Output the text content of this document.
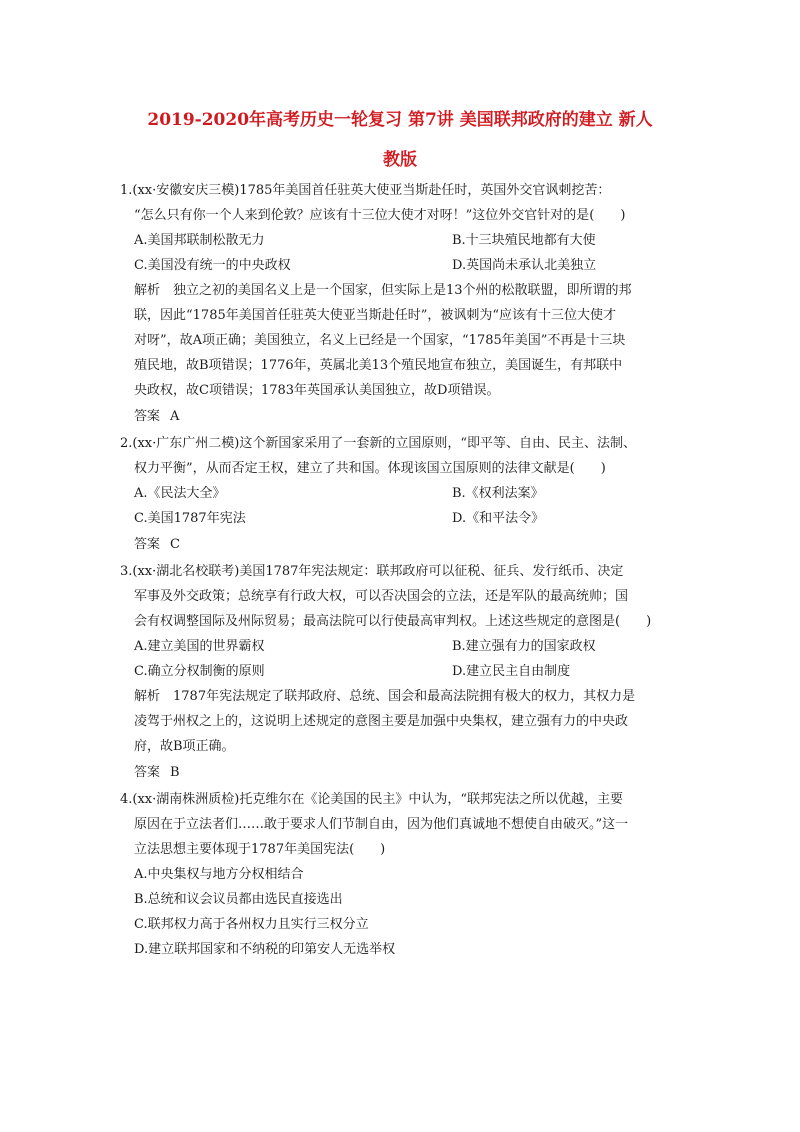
2019-2020年高考历史一轮复习 第7讲 美国联邦政府的建立 新人
教版
1.(xx·安徽安庆三模)1785年美国首任驻英大使亚当斯赴任时，英国外交官讽刺挖苦：
“怎么只有你一个人来到伦敦？应该有十三位大使才对呀！”这位外交官针对的是(　　)
A.美国邦联制松散无力	B.十三块殖民地都有大使
C.美国没有统一的中央政权	D.英国尚未承认北美独立
解析　独立之初的美国名义上是一个国家，但实际上是13个州的松散联盟，即所谓的邦
联，因此“1785年美国首任驻英大使亚当斯赴任时”，被讽刺为“应该有十三位大使才
对呀”，故A项正确；美国独立，名义上已经是一个国家，“1785年美国”不再是十三块
殖民地，故B项错误；1776年，英属北美13个殖民地宣布独立，美国诞生，有邦联中
央政权，故C项错误；1783年英国承认美国独立，故D项错误。
答案 A
2.(xx·广东广州二模)这个新国家采用了一套新的立国原则，“即平等、自由、民主、法制、
权力平衡”，从而否定王权，建立了共和国。体现该国立国原则的法律文献是(　　)
A.《民法大全》	B.《权利法案》
C.美国1787年宪法	D.《和平法令》
答案 C
3.(xx·湖北名校联考)美国1787年宪法规定：联邦政府可以征税、征兵、发行纸币、决定
军事及外交政策；总统享有行政大权，可以否决国会的立法，还是军队的最高统帅；国
会有权调整国际及州际贸易；最高法院可以行使最高审判权。上述这些规定的意图是(　　)
A.建立美国的世界霸权	B.建立强有力的国家政权
C.确立分权制衡的原则	D.建立民主自由制度
解析　1787年宪法规定了联邦政府、总统、国会和最高法院拥有极大的权力，其权力是
凌驾于州权之上的，这说明上述规定的意图主要是加强中央集权，建立强有力的中央政
府，故B项正确。
答案 B
4.(xx·湖南株洲质检)托克维尔在《论美国的民主》中认为，“联邦宪法之所以优越，主要
原因在于立法者们……敢于要求人们节制自由，因为他们真诚地不想使自由破灭。”这一
立法思想主要体现于1787年美国宪法(　　)
A.中央集权与地方分权相结合
B.总统和议会议员都由选民直接选出
C.联邦权力高于各州权力且实行三权分立
D.建立联邦国家和不纳税的印第安人无选举权
